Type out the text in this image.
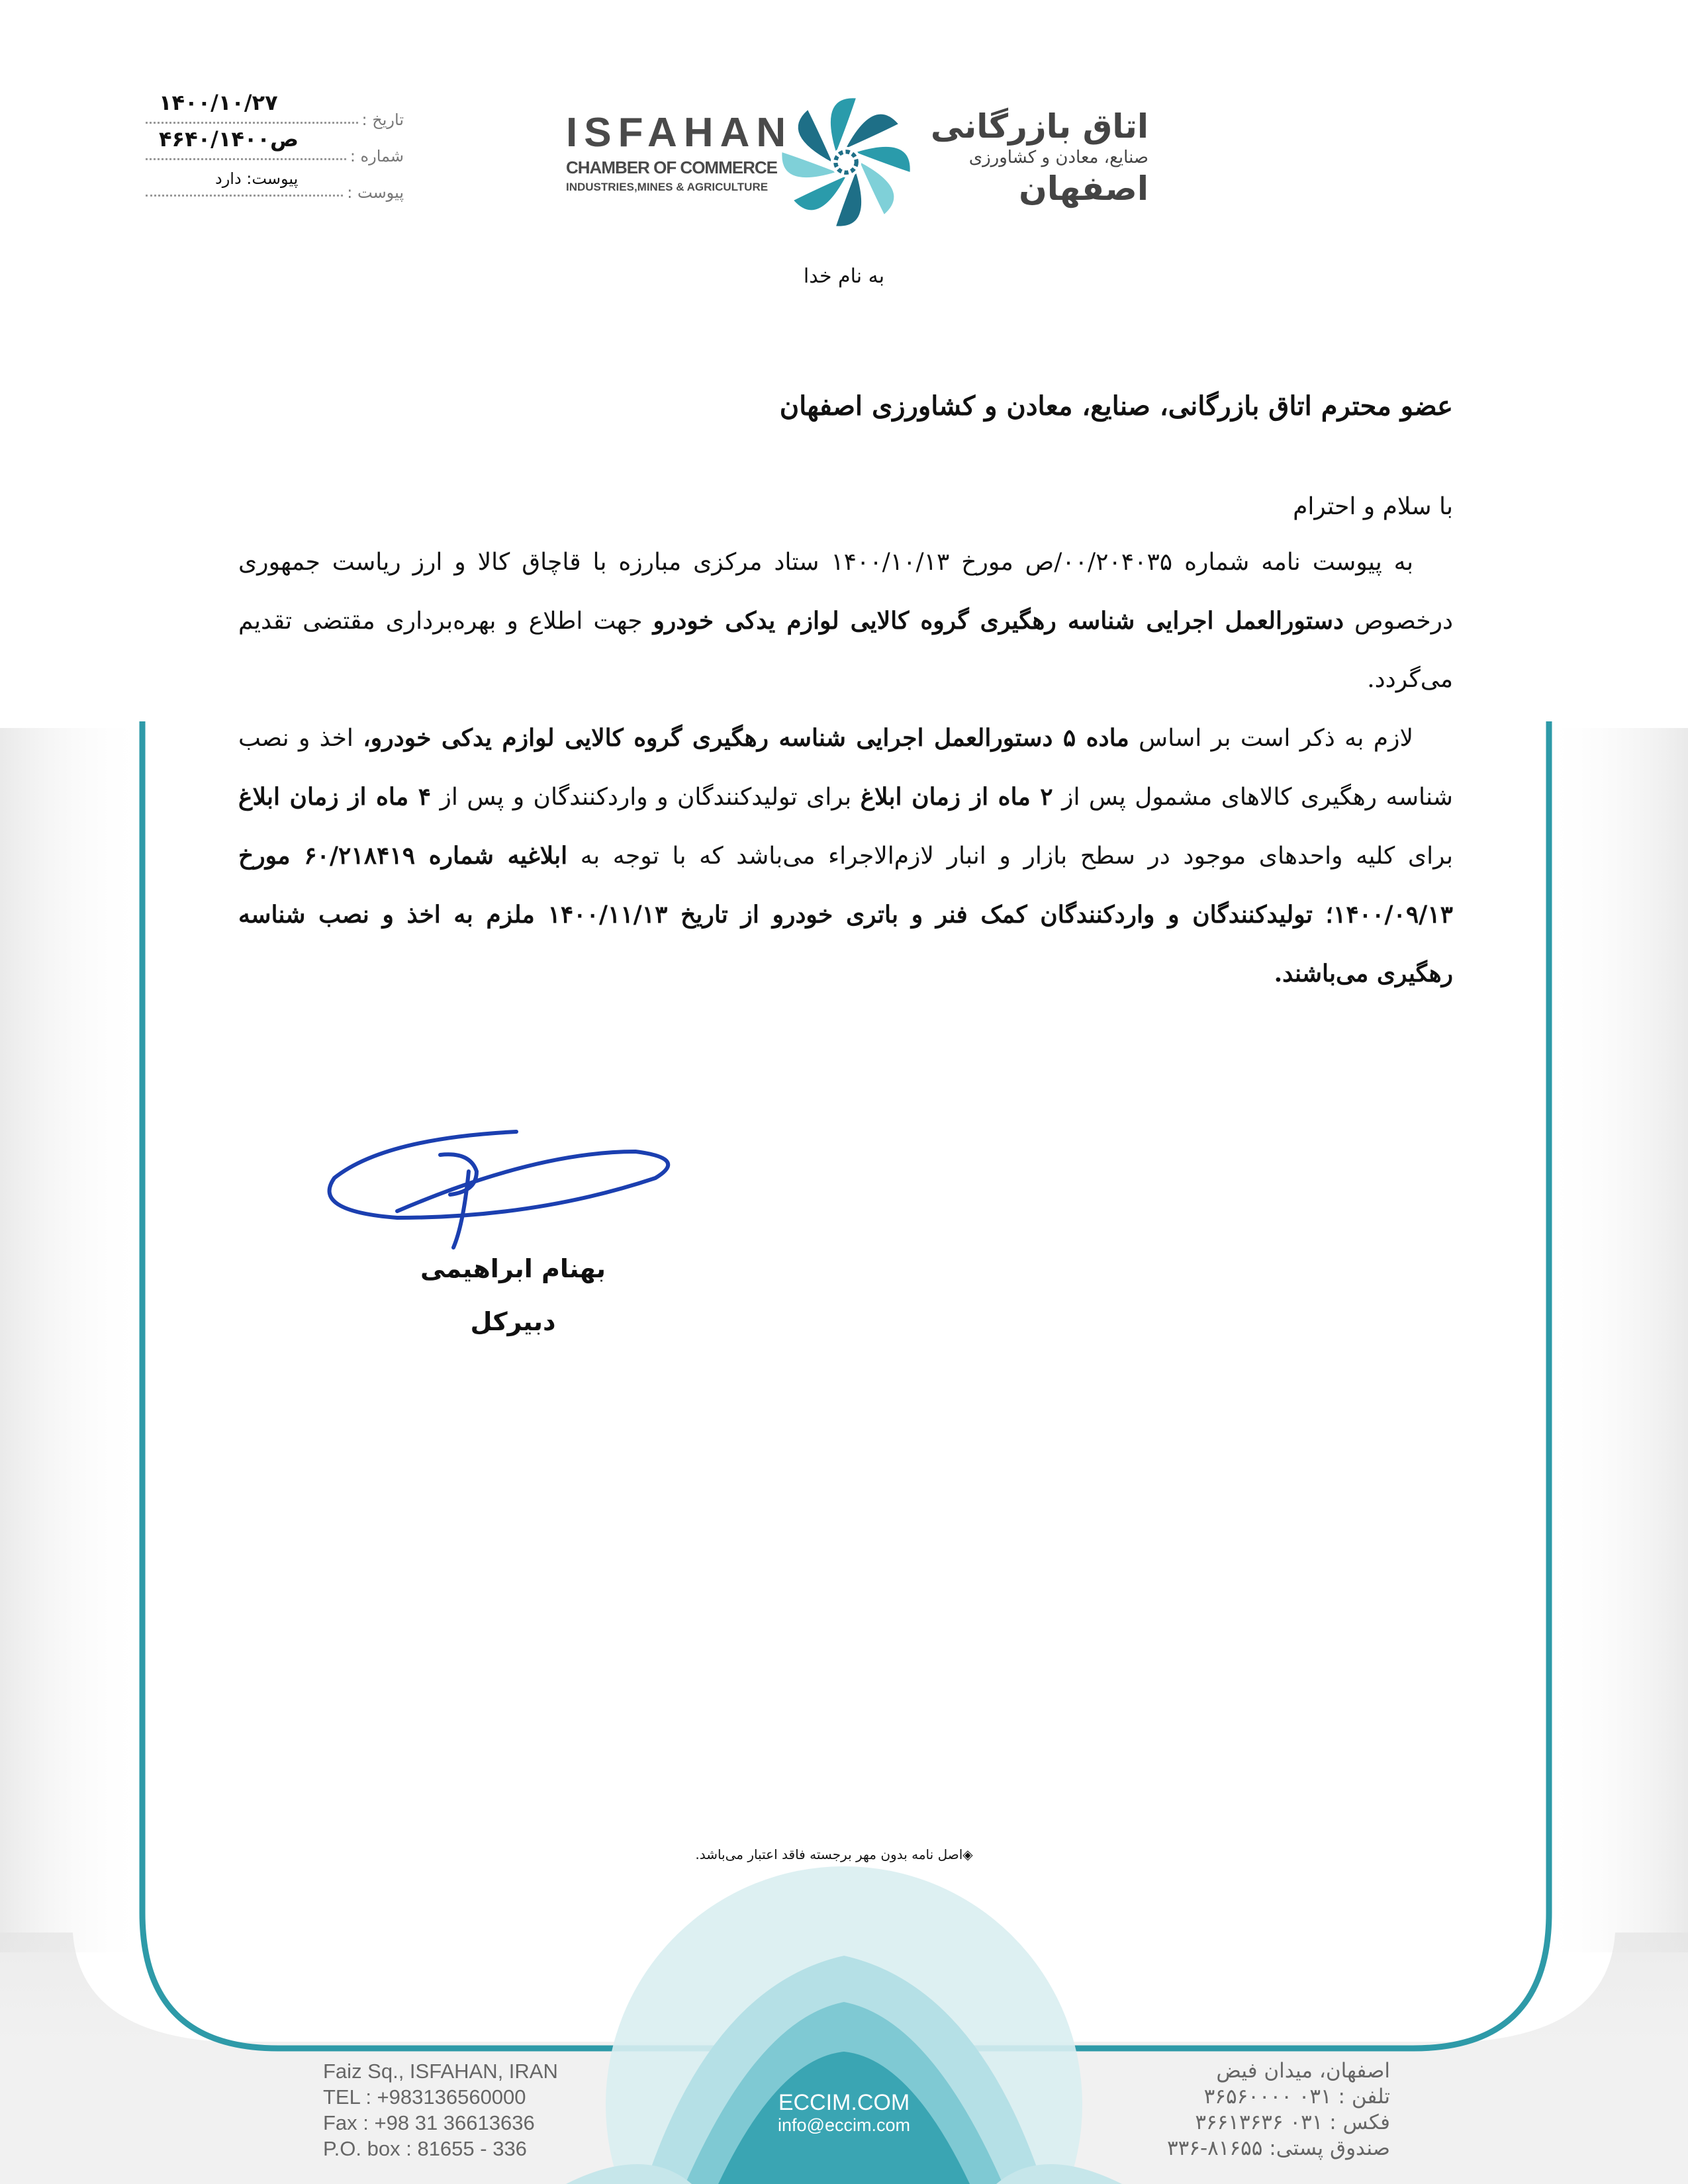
تاریخ :
۱۴۰۰/۱۰/۲۷
شماره :
۴۶۴۰/ص۱۴۰۰
پیوست :
پیوست: دارد
ISFAHAN
CHAMBER OF COMMERCE
INDUSTRIES,MINES & AGRICULTURE
اتاق بازرگانی
صنایع، معادن و کشاورزی
اصفهان
به نام خدا

عضو محترم اتاق بازرگانی، صنایع، معادن و کشاورزی اصفهان

با سلام و احترام

به پیوست نامه شماره ۰۰/۲۰۴۰۳۵/ص مورخ ۱۴۰۰/۱۰/۱۳ ستاد مرکزی مبارزه با قاچاق کالا و ارز ریاست جمهوری درخصوص دستورالعمل اجرایی شناسه رهگیری گروه کالایی لوازم یدکی خودرو جهت اطلاع و بهره‌برداری مقتضی تقدیم می‌گردد.

لازم به ذکر است بر اساس ماده ۵ دستورالعمل اجرایی شناسه رهگیری گروه کالایی لوازم یدکی خودرو، اخذ و نصب شناسه رهگیری کالاهای مشمول پس از ۲ ماه از زمان ابلاغ برای تولیدکنندگان و واردکنندگان و پس از ۴ ماه از زمان ابلاغ برای کلیه واحدهای موجود در سطح بازار و انبار لازم‌الاجراء می‌باشد که با توجه به ابلاغیه شماره ۶۰/۲۱۸۴۱۹ مورخ ۱۴۰۰/۰۹/۱۳؛ تولیدکنندگان و واردکنندگان کمک فنر و باتری خودرو از تاریخ ۱۴۰۰/۱۱/۱۳ ملزم به اخذ و نصب شناسه رهگیری می‌باشند.

بهنام ابراهیمی
دبیرکل
◈اصل نامه بدون مهر برجسته فاقد اعتبار می‌باشد.
Faiz Sq., ISFAHAN, IRAN
TEL : +983136560000
Fax : +98 31 36613636
P.O. box : 81655 - 336
ECCIM.COM
info@eccim.com
اصفهان، میدان فیض
تلفن : ۰۳۱ ۳۶۵۶۰۰۰۰
فکس : ۰۳۱ ۳۶۶۱۳۶۳۶
صندوق پستی: ۸۱۶۵۵-۳۳۶
